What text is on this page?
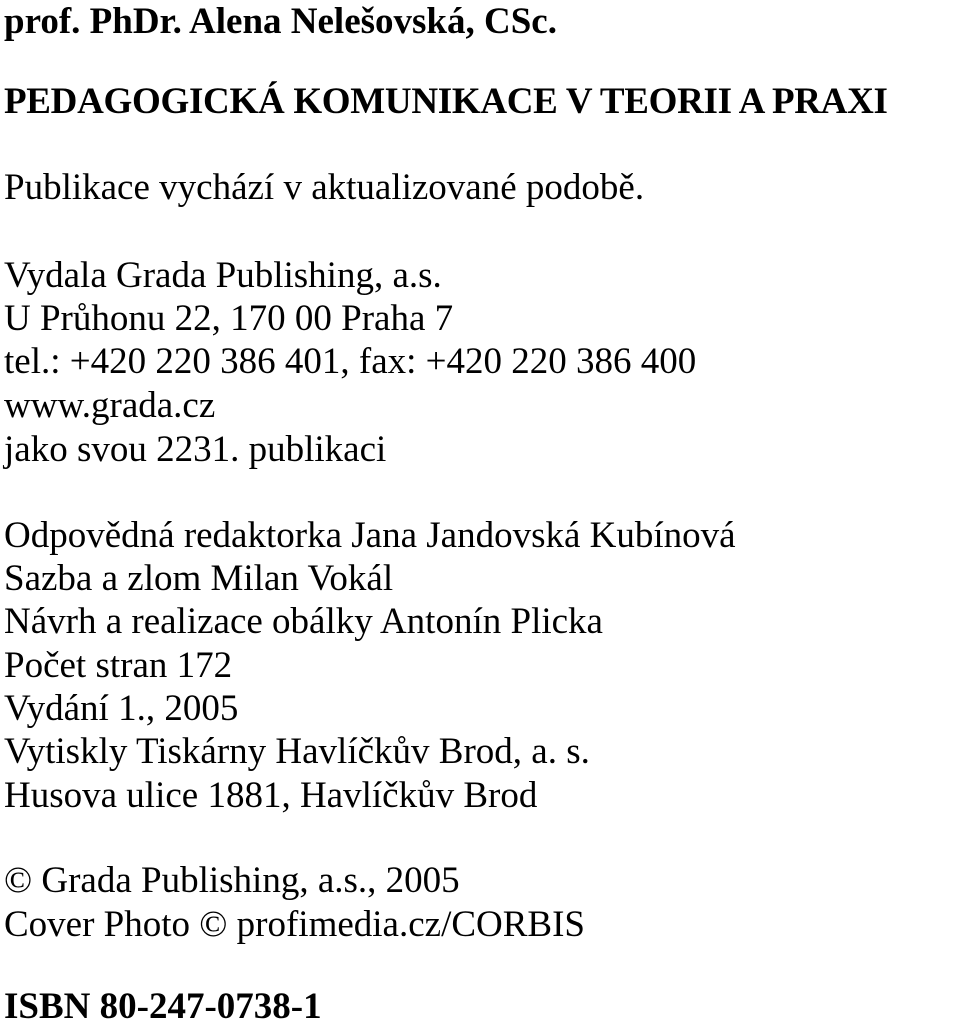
prof. PhDr. Alena Nelešovská, CSc.
PEDAGOGICKÁ KOMUNIKACE V TEORII A PRAXI
Publikace vychází v aktualizované podobě.
Vydala Grada Publishing, a.s.
U Průhonu 22, 170 00 Praha 7
tel.: +420 220 386 401, fax: +420 220 386 400
www.grada.cz
jako svou 2231. publikaci
Odpovědná redaktorka Jana Jandovská Kubínová
Sazba a zlom Milan Vokál
Návrh a realizace obálky Antonín Plicka
Počet stran 172
Vydání 1., 2005
Vytiskly Tiskárny Havlíčkův Brod, a. s.
Husova ulice 1881, Havlíčkův Brod
© Grada Publishing, a.s., 2005
Cover Photo © profimedia.cz/CORBIS
ISBN 80-247-0738-1
